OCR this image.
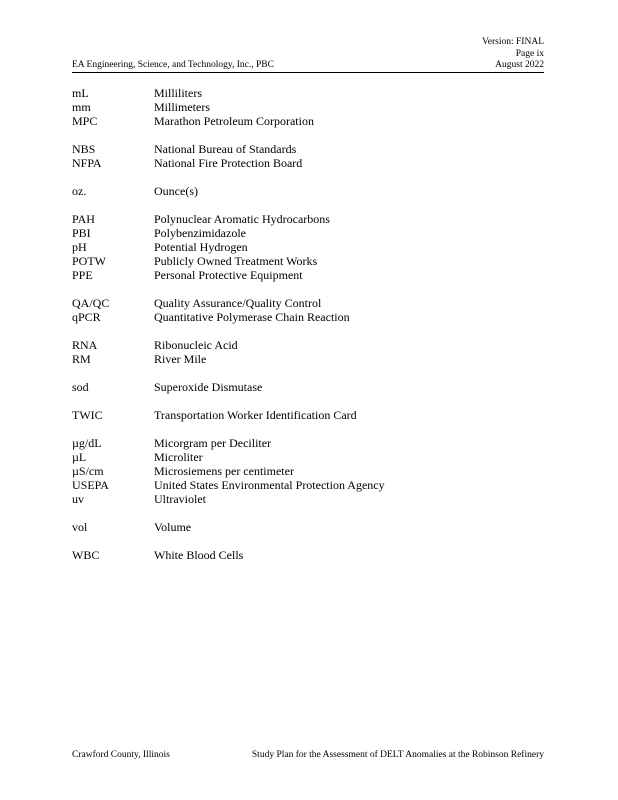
Version: FINAL
Page ix
August 2022
EA Engineering, Science, and Technology, Inc., PBC
mL	Milliliters
mm	Millimeters
MPC	Marathon Petroleum Corporation
NBS	National Bureau of Standards
NFPA	National Fire Protection Board
oz.	Ounce(s)
PAH	Polynuclear Aromatic Hydrocarbons
PBI	Polybenzimidazole
pH	Potential Hydrogen
POTW	Publicly Owned Treatment Works
PPE	Personal Protective Equipment
QA/QC	Quality Assurance/Quality Control
qPCR	Quantitative Polymerase Chain Reaction
RNA	Ribonucleic Acid
RM	River Mile
sod	Superoxide Dismutase
TWIC	Transportation Worker Identification Card
µg/dL	Micorgram per Deciliter
µL	Microliter
µS/cm	Microsiemens per centimeter
USEPA	United States Environmental Protection Agency
uv	Ultraviolet
vol	Volume
WBC	White Blood Cells
Crawford County, Illinois	Study Plan for the Assessment of DELT Anomalies at the Robinson Refinery
